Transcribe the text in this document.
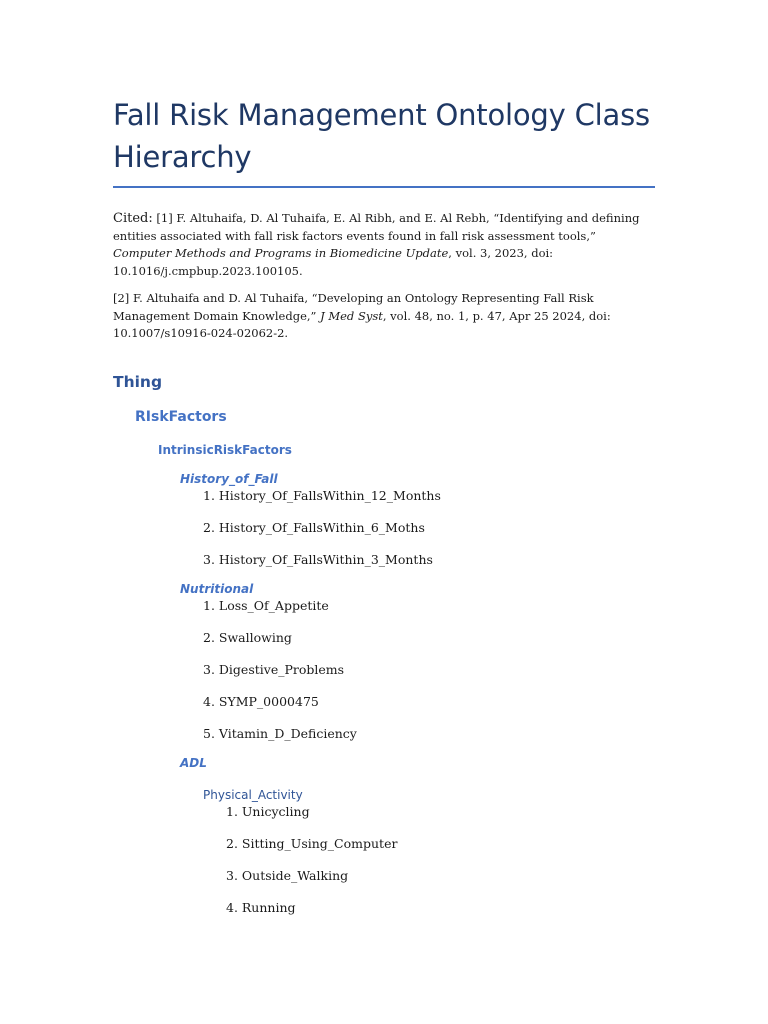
Fall Risk Management Ontology Class Hierarchy

Cited: [1] F. Altuhaifa, D. Al Tuhaifa, E. Al Ribh, and E. Al Rebh, “Identifying and defining entities associated with fall risk factors events found in fall risk assessment tools,” Computer Methods and Programs in Biomedicine Update, vol. 3, 2023, doi: 10.1016/j.cmpbup.2023.100105.

[2] F. Altuhaifa and D. Al Tuhaifa, “Developing an Ontology Representing Fall Risk Management Domain Knowledge,” J Med Syst, vol. 48, no. 1, p. 47, Apr 25 2024, doi: 10.1007/s10916-024-02062-2.

Thing
RIskFactors
IntrinsicRiskFactors
History_of_Fall
1. History_Of_FallsWithin_12_Months
2. History_Of_FallsWithin_6_Moths
3. History_Of_FallsWithin_3_Months
Nutritional
1. Loss_Of_Appetite
2. Swallowing
3. Digestive_Problems
4. SYMP_0000475
5. Vitamin_D_Deficiency
ADL
Physical_Activity
1. Unicycling
2. Sitting_Using_Computer
3. Outside_Walking
4. Running
